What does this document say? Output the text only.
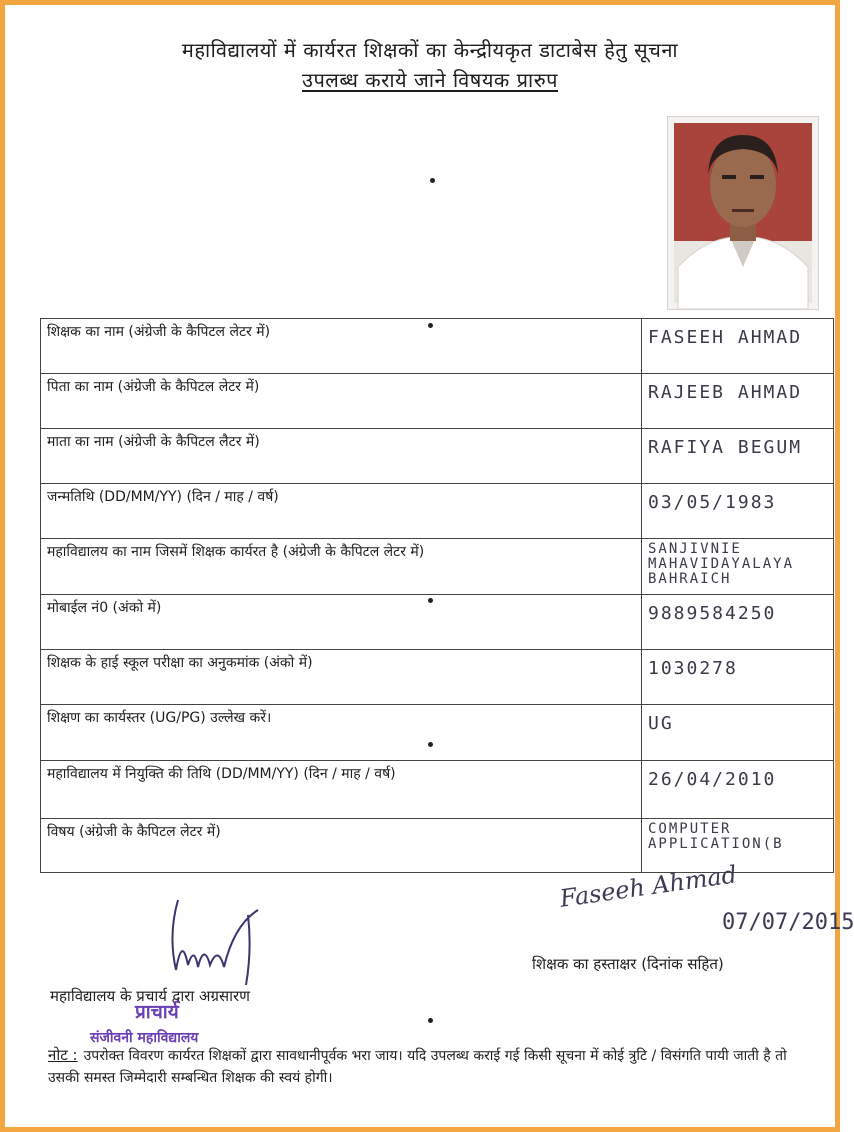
महाविद्यालयों में कार्यरत शिक्षकों का केन्द्रीयकृत डाटाबेस हेतु सूचना
उपलब्ध कराये जाने विषयक प्रारुप
शिक्षक का नाम (अंग्रेजी के कैपिटल लेटर में)	FASEEH AHMAD
पिता का नाम (अंग्रेजी के कैपिटल लेटर में)	RAJEEB AHMAD
माता का नाम (अंग्रेजी के कैपिटल लैटर में)	RAFIYA BEGUM
जन्मतिथि (DD/MM/YY) (दिन / माह / वर्ष)	03/05/1983
महाविद्यालय का नाम जिसमें शिक्षक कार्यरत है (अंग्रेजी के कैपिटल लेटर में)	SANJIVNIE
MAHAVIDAYALAYA
BAHRAICH
मोबाईल नं0 (अंको में)	9889584250
शिक्षक के हाई स्कूल परीक्षा का अनुकमांक (अंको में)	1030278
शिक्षण का कार्यस्तर (UG/PG) उल्लेख करें।	UG
महाविद्यालय में नियुक्ति की तिथि (DD/MM/YY) (दिन / माह / वर्ष)	26/04/2010
विषय (अंग्रेजी के कैपिटल लेटर में)	COMPUTER
APPLICATION(B
Faseeh Ahmad
07/07/2015
शिक्षक का हस्ताक्षर (दिनांक सहित)
महाविद्यालय के प्रचार्य द्वारा अग्रसारण
प्राचार्य
संजीवनी महाविद्यालय
नोट : उपरोक्त विवरण कार्यरत शिक्षकों द्वारा सावधानीपूर्वक भरा जाय। यदि उपलब्ध कराई गई किसी सूचना में कोई त्रुटि / विसंगति पायी जाती है तो उसकी समस्त जिम्मेदारी सम्बन्धित शिक्षक की स्वयं होगी।
